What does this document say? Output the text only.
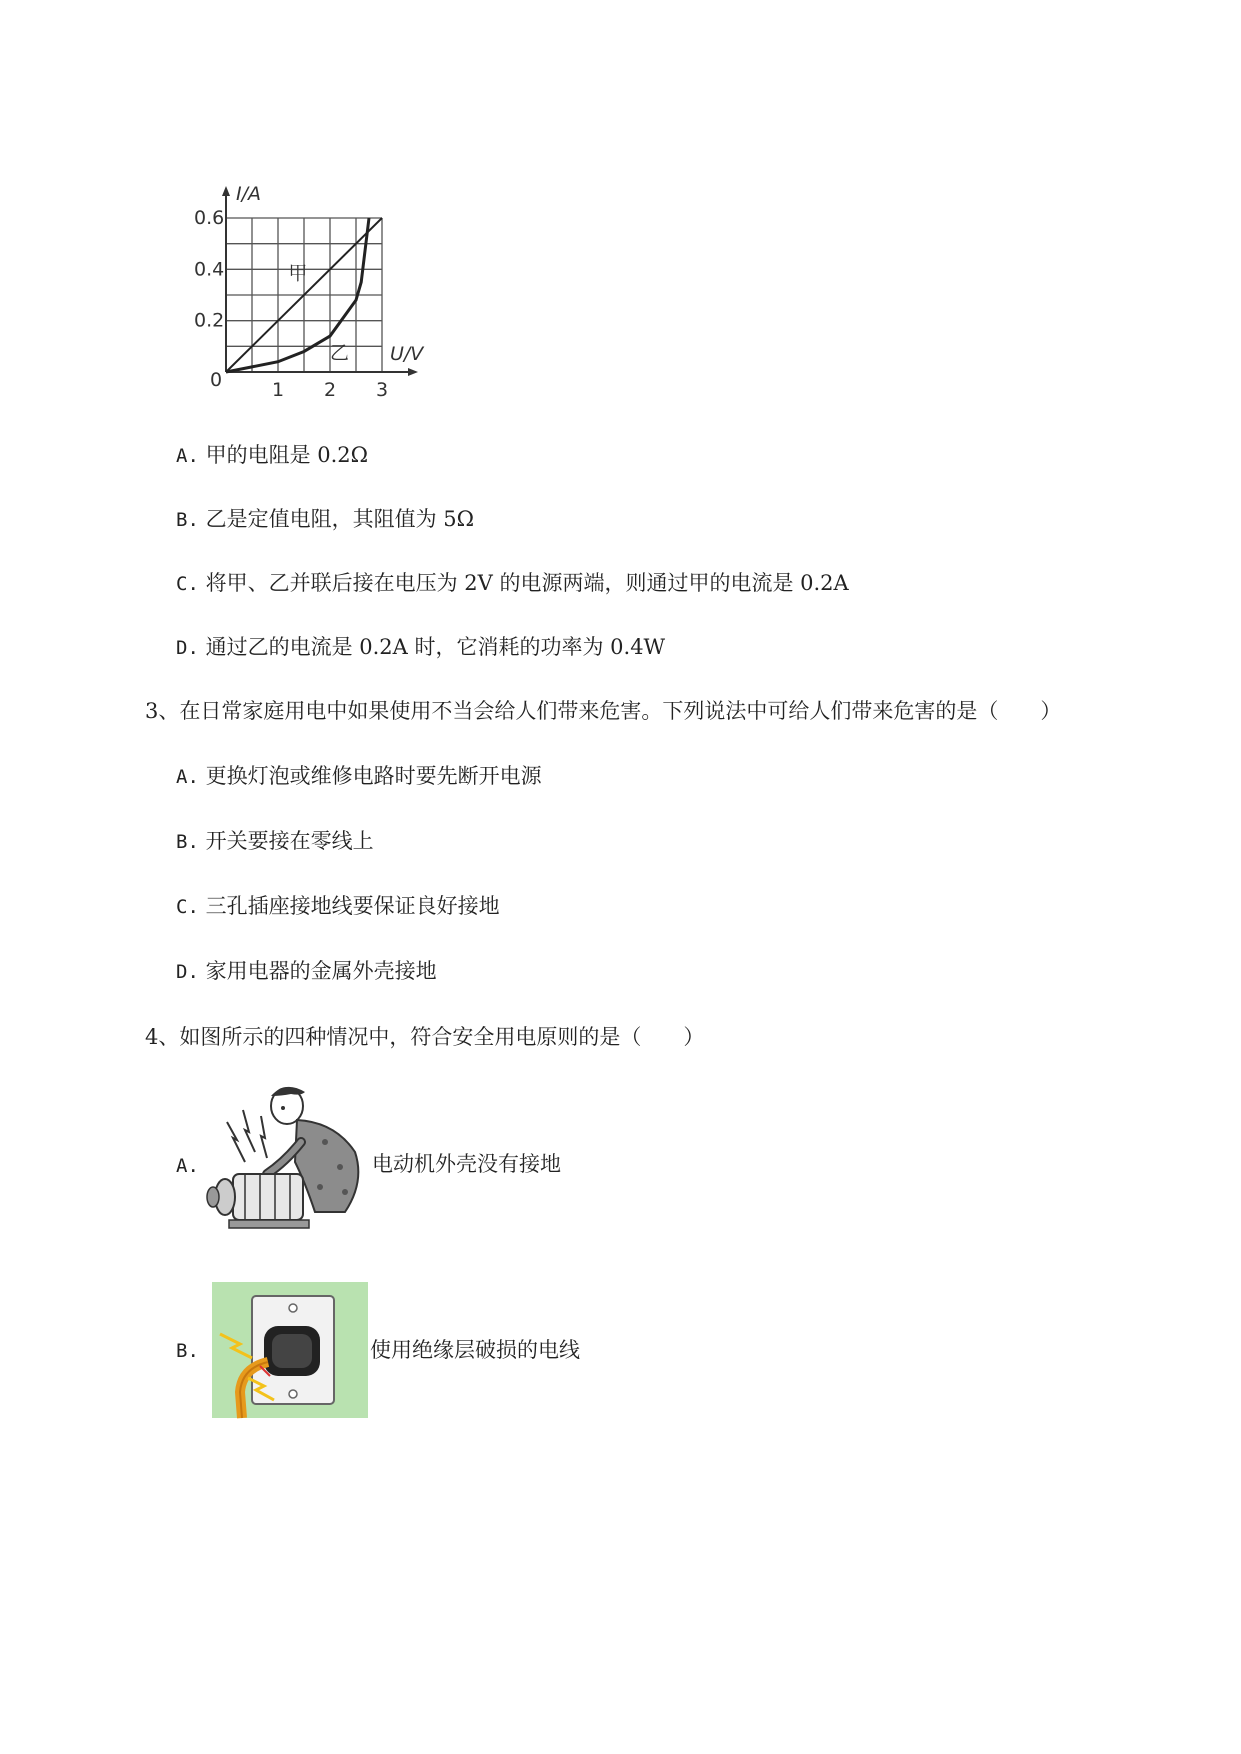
甲
乙
1 2 3
0.2
0.4
0.6
0
U/V
I/A
A. 甲的电阻是 0.2Ω
B. 乙是定值电阻，其阻值为 5Ω
C. 将甲、乙并联后接在电压为 2V 的电源两端，则通过甲的电流是 0.2A
D. 通过乙的电流是 0.2A 时，它消耗的功率为 0.4W
3、在日常家庭用电中如果使用不当会给人们带来危害。下列说法中可给人们带来危害的是（　　）
A. 更换灯泡或维修电路时要先断开电源
B. 开关要接在零线上
C. 三孔插座接地线要保证良好接地
D. 家用电器的金属外壳接地
4、如图所示的四种情况中，符合安全用电原则的是（　　）
A.	电动机外壳没有接地
B.	使用绝缘层破损的电线
